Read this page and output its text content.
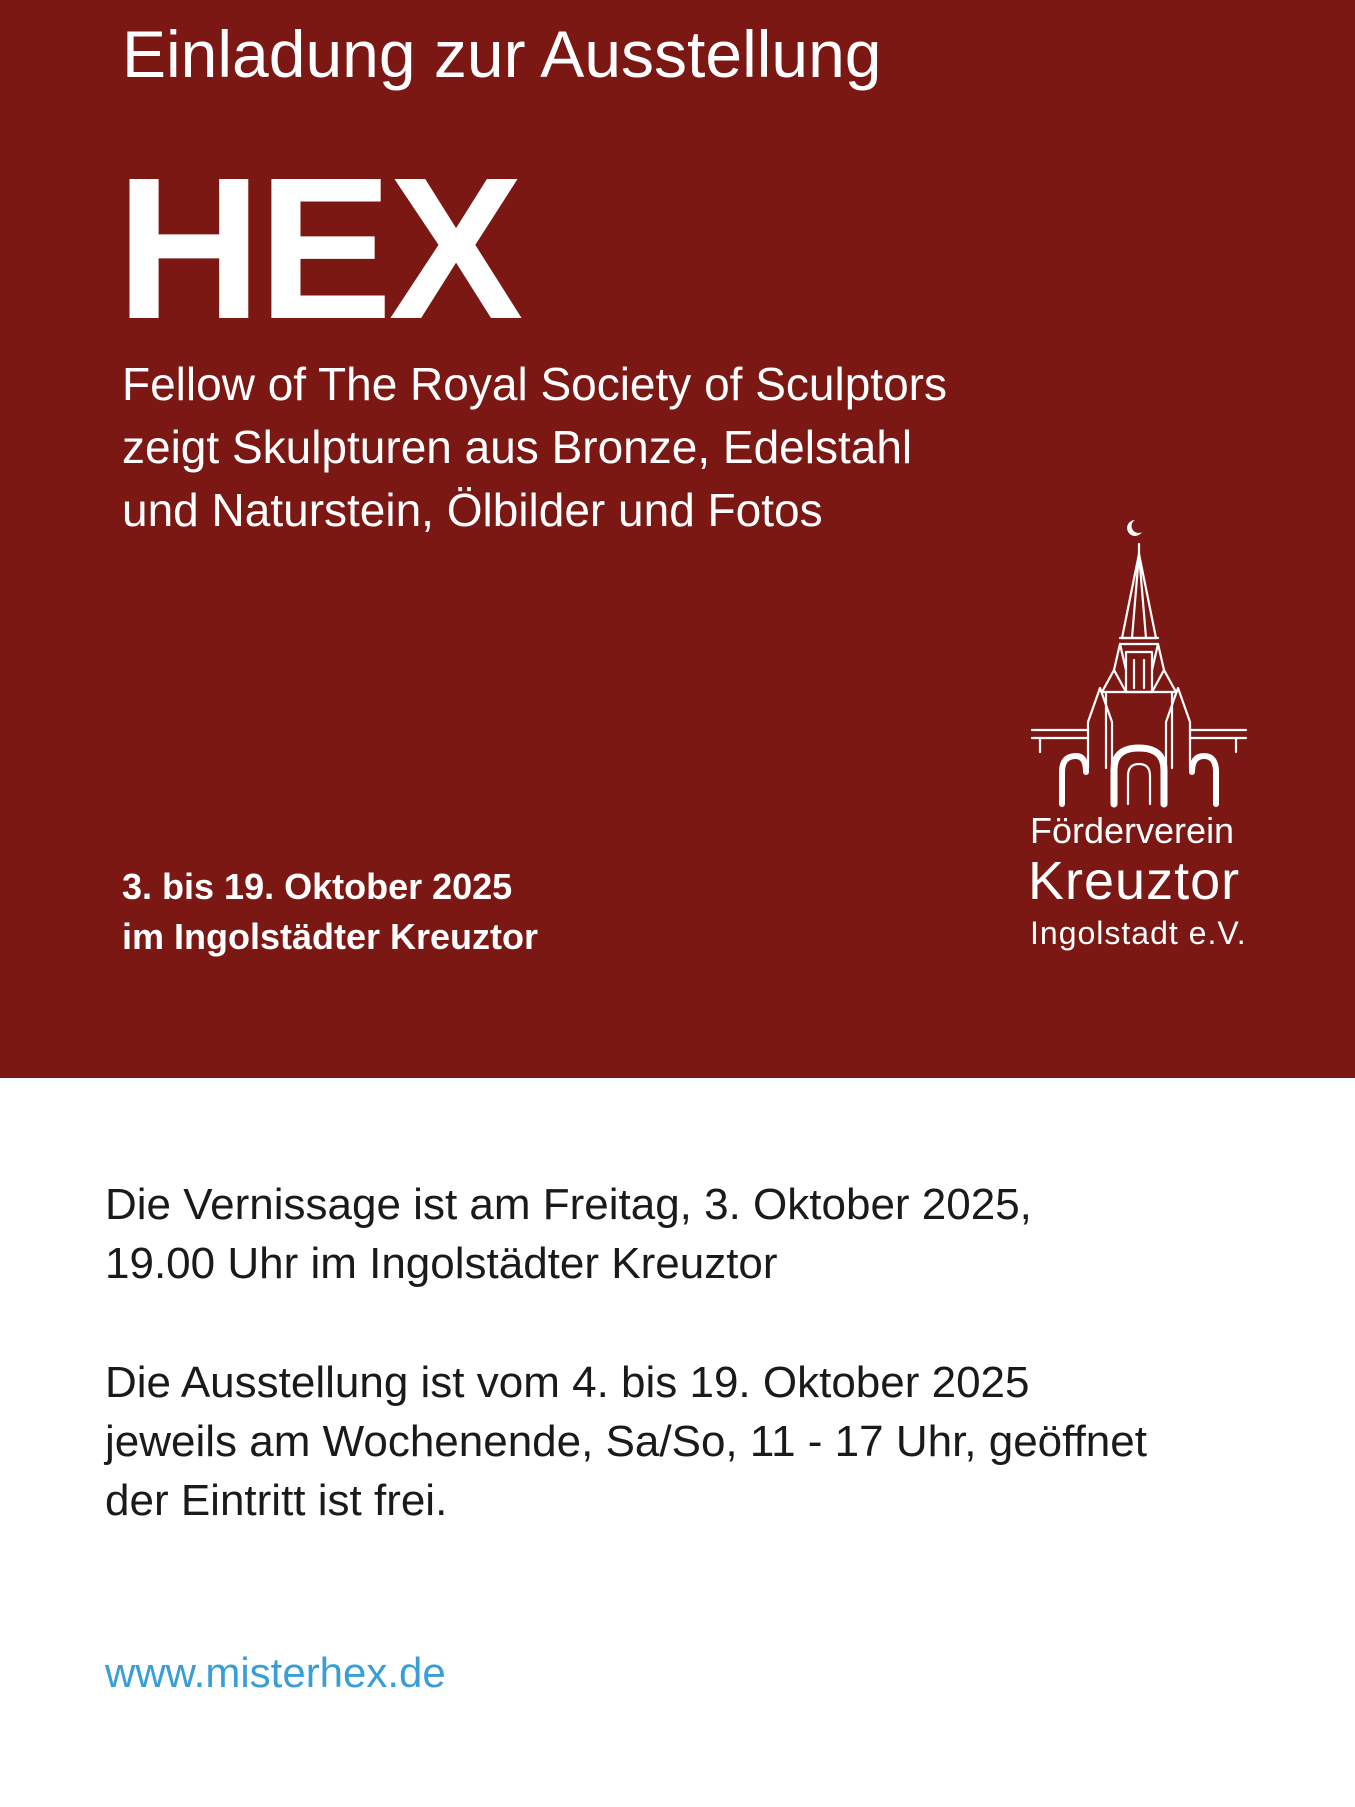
Einladung zur Ausstellung
HEX
Fellow of The Royal Society of Sculptors
zeigt Skulpturen aus Bronze, Edelstahl
und Naturstein, Ölbilder und Fotos
3. bis 19. Oktober 2025
im Ingolstädter Kreuztor
Förderverein
Kreuztor
Ingolstadt e.V.
Die Vernissage ist am Freitag, 3. Oktober 2025,
19.00 Uhr im Ingolstädter Kreuztor
Die Ausstellung ist vom 4. bis 19. Oktober 2025
jeweils am Wochenende, Sa/So, 11 - 17 Uhr, geöffnet
der Eintritt ist frei.
www.misterhex.de
